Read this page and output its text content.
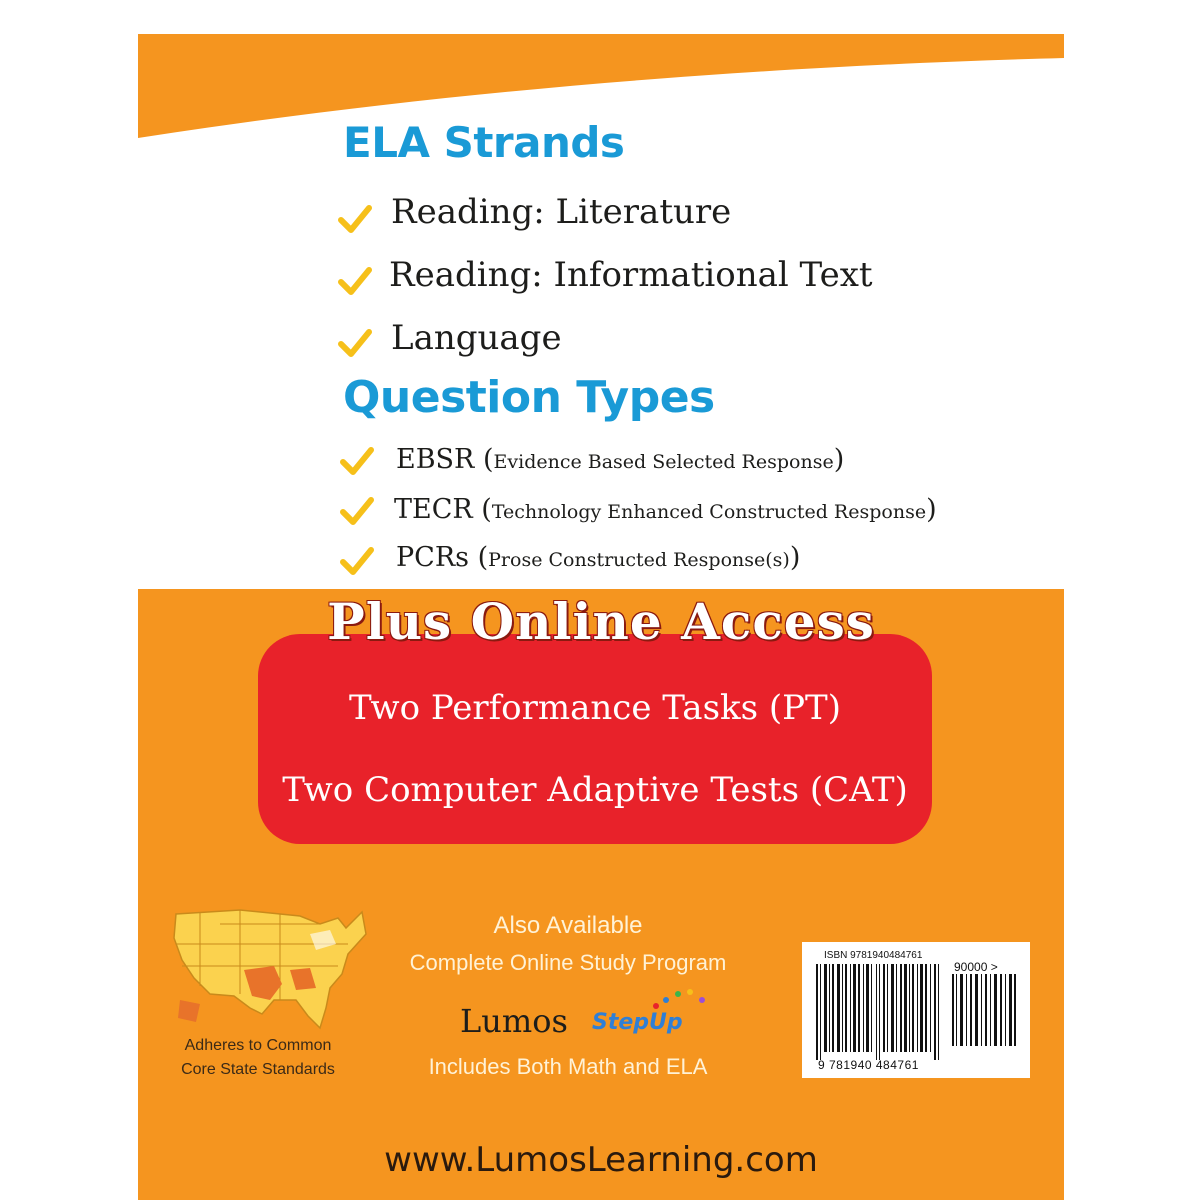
ELA Strands
Reading: Literature
Reading: Informational Text
Language
Question Types
EBSR (Evidence Based Selected Response)
TECR (Technology Enhanced Constructed Response)
PCRs (Prose Constructed Response(s))
Two Performance Tasks (PT)
Two Computer Adaptive Tests (CAT)
Plus Online Access
Adheres to Common
Core State Standards
Also Available
Complete Online Study Program
Lumos StepUp
Includes Both Math and ELA
ISBN 9781940484761
90000 >
9 781940 484761
www.LumosLearning.com
